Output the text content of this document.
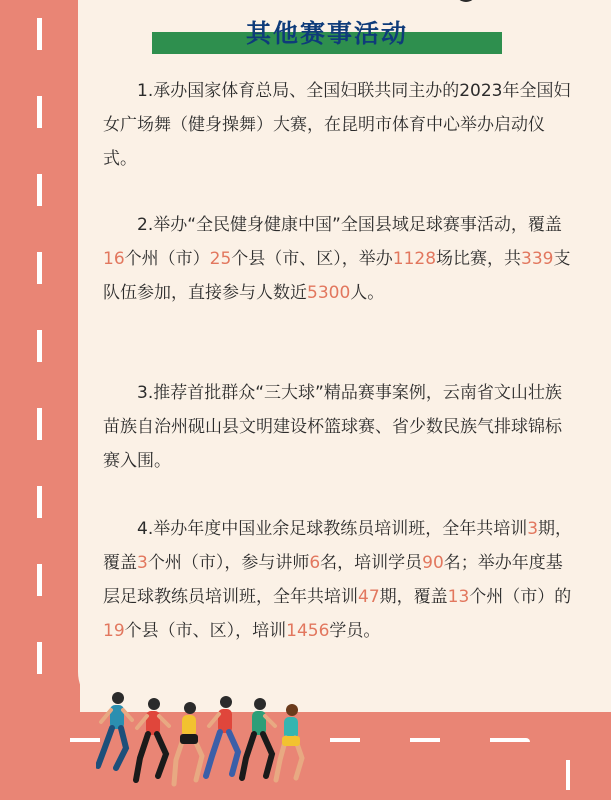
其他赛事活动

1.承办国家体育总局、全国妇联共同主办的2023年全国妇女广场舞（健身操舞）大赛，在昆明市体育中心举办启动仪式。

2.举办“全民健身健康中国”全国县域足球赛事活动，覆盖16个州（市）25个县（市、区），举办1128场比赛，共339支队伍参加，直接参与人数近5300人。

3.推荐首批群众“三大球”精品赛事案例，云南省文山壮族苗族自治州砚山县文明建设杯篮球赛、省少数民族气排球锦标赛入围。

4.举办年度中国业余足球教练员培训班，全年共培训3期，覆盖3个州（市），参与讲师6名，培训学员90名；举办年度基层足球教练员培训班，全年共培训47期，覆盖13个州（市）的19个县（市、区），培训1456学员。
